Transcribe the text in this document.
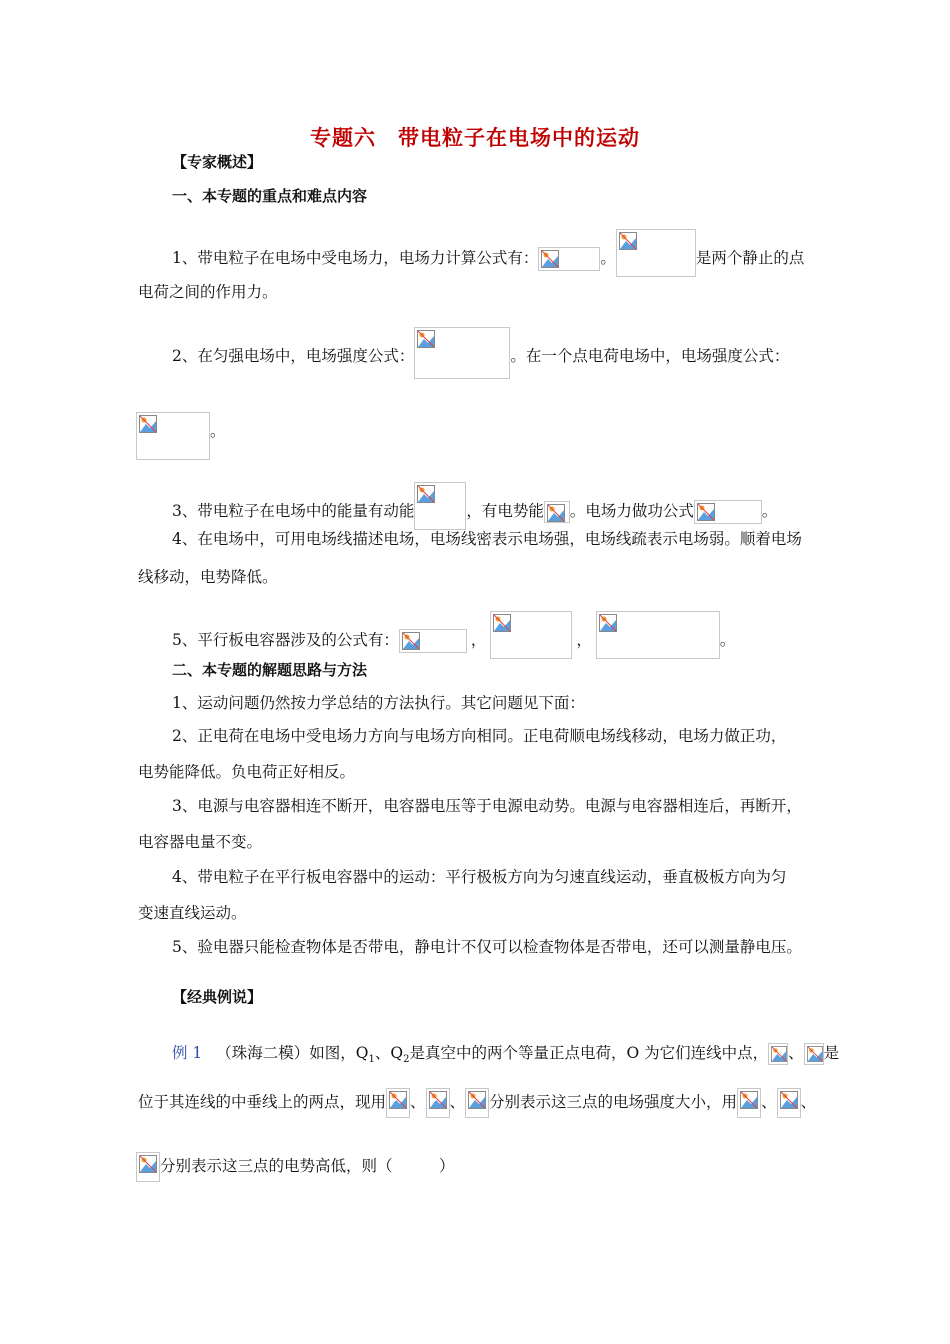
专题六　带电粒子在电场中的运动
【专家概述】
一、本专题的重点和难点内容
1、带电粒子在电场中受电场力，电场力计算公式有：	。	是两个静止的点
电荷之间的作用力。
2、在匀强电场中，电场强度公式：	。在一个点电荷电场中，电场强度公式：
。
3、带电粒子在电场中的能量有动能	，有电势能 。电场力做功公式	。
4、在电场中，可用电场线描述电场，电场线密表示电场强，电场线疏表示电场弱。顺着电场
线移动，电势降低。
5、平行板电容器涉及的公式有：	，	，	。
二、本专题的解题思路与方法
1、运动问题仍然按力学总结的方法执行。其它问题见下面：
2、正电荷在电场中受电场力方向与电场方向相同。正电荷顺电场线移动，电场力做正功，
电势能降低。负电荷正好相反。
3、电源与电容器相连不断开，电容器电压等于电源电动势。电源与电容器相连后，再断开，
电容器电量不变。
4、带电粒子在平行板电容器中的运动：平行极板方向为匀速直线运动，垂直极板方向为匀
变速直线运动。
5、验电器只能检查物体是否带电，静电计不仅可以检查物体是否带电，还可以测量静电压。
【经典例说】
例 1 （珠海二模）如图，$Q_1$、$Q_2$是真空中的两个等量正点电荷，O 为它们连线中点， 、 是
位于其连线的中垂线上的两点，现用 、 、 分别表示这三点的电场强度大小，用 、 、
分别表示这三点的电势高低，则（　　　）
